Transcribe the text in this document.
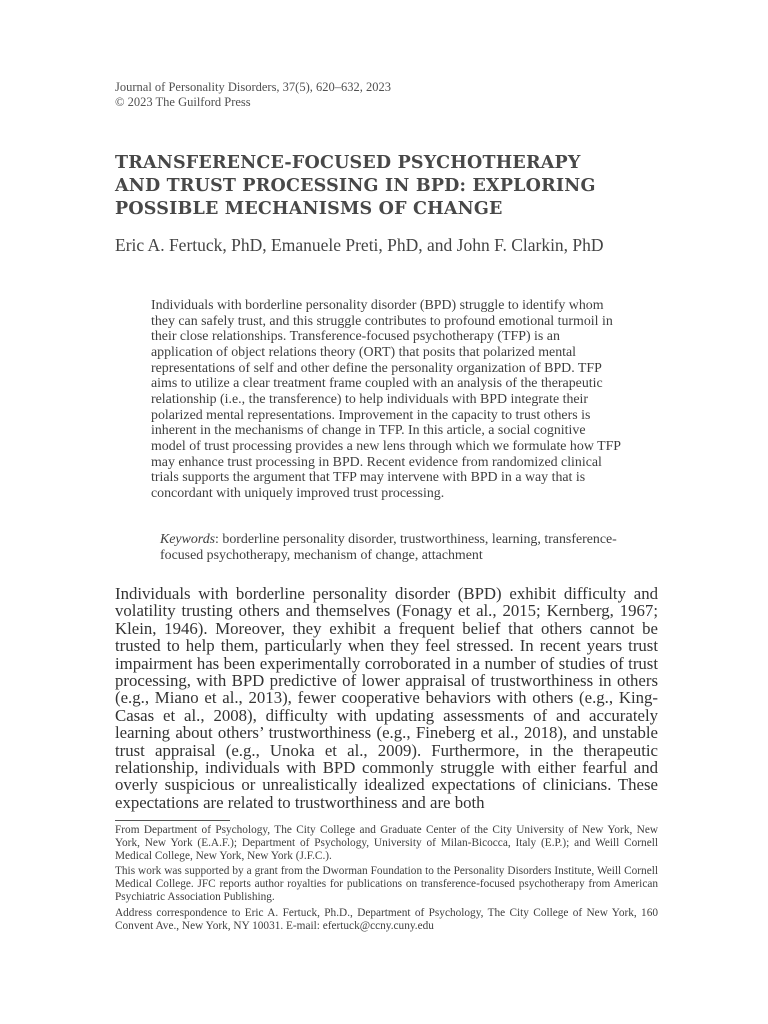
Journal of Personality Disorders, 37(5), 620–632, 2023
© 2023 The Guilford Press
TRANSFERENCE-FOCUSED PSYCHOTHERAPY
AND TRUST PROCESSING IN BPD: EXPLORING
POSSIBLE MECHANISMS OF CHANGE
Eric A. Fertuck, PhD, Emanuele Preti, PhD, and John F. Clarkin, PhD

Individuals with borderline personality disorder (BPD) struggle to identify whom they can safely trust, and this struggle contributes to profound emotional turmoil in their close relationships. Transference-focused psychotherapy (TFP) is an application of object relations theory (ORT) that posits that polarized mental representations of self and other define the personality organization of BPD. TFP aims to utilize a clear treatment frame coupled with an analysis of the therapeutic relationship (i.e., the transference) to help individuals with BPD integrate their polarized mental representations. Improvement in the capacity to trust others is inherent in the mechanisms of change in TFP. In this article, a social cognitive model of trust processing provides a new lens through which we formulate how TFP may enhance trust processing in BPD. Recent evidence from randomized clinical trials supports the argument that TFP may intervene with BPD in a way that is concordant with uniquely improved trust processing.

Keywords: borderline personality disorder, trustworthiness, learning, transference-focused psychotherapy, mechanism of change, attachment

Individuals with borderline personality disorder (BPD) exhibit difficulty and volatility trusting others and themselves (Fonagy et al., 2015; Kernberg, 1967; Klein, 1946). Moreover, they exhibit a frequent belief that others cannot be trusted to help them, particularly when they feel stressed. In recent years trust impairment has been experimentally corroborated in a number of studies of trust processing, with BPD predictive of lower appraisal of trustworthiness in others (e.g., Miano et al., 2013), fewer cooperative behaviors with others (e.g., King-Casas et al., 2008), difficulty with updating assessments of and accurately learning about others’ trustworthiness (e.g., Fineberg et al., 2018), and unstable trust appraisal (e.g., Unoka et al., 2009). Furthermore, in the therapeutic relationship, individuals with BPD commonly struggle with either fearful and overly suspicious or unrealistically idealized expectations of clinicians. These expectations are related to trustworthiness and are both

From Department of Psychology, The City College and Graduate Center of the City University of New York, New York, New York (E.A.F.); Department of Psychology, University of Milan-Bicocca, Italy (E.P.); and Weill Cornell Medical College, New York, New York (J.F.C.).

This work was supported by a grant from the Dworman Foundation to the Personality Disorders Institute, Weill Cornell Medical College. JFC reports author royalties for publications on transference-focused psychotherapy from American Psychiatric Association Publishing.

Address correspondence to Eric A. Fertuck, Ph.D., Department of Psychology, The City College of New York, 160 Convent Ave., New York, NY 10031. E-mail: efertuck@ccny.cuny.edu
